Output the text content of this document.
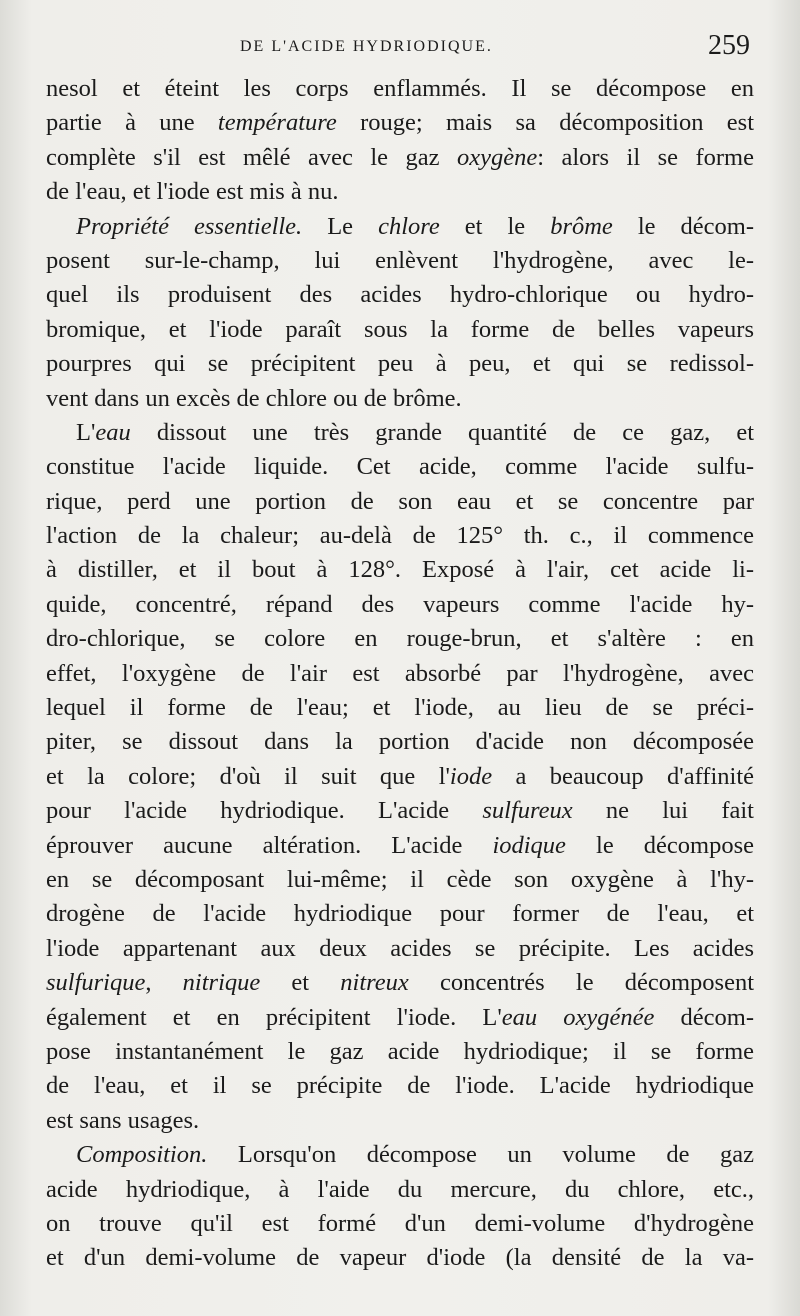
DE L'ACIDE HYDRIODIQUE.	259
nesol et éteint les corps enflammés. Il se décompose en
partie à une température rouge; mais sa décomposition est
complète s'il est mêlé avec le gaz oxygène: alors il se forme
de l'eau, et l'iode est mis à nu.
Propriété essentielle. Le chlore et le brôme le décom-
posent sur-le-champ, lui enlèvent l'hydrogène, avec le-
quel ils produisent des acides hydro-chlorique ou hydro-
bromique, et l'iode paraît sous la forme de belles vapeurs
pourpres qui se précipitent peu à peu, et qui se redissol-
vent dans un excès de chlore ou de brôme.
L'eau dissout une très grande quantité de ce gaz, et
constitue l'acide liquide. Cet acide, comme l'acide sulfu-
rique, perd une portion de son eau et se concentre par
l'action de la chaleur; au-delà de 125° th. c., il commence
à distiller, et il bout à 128°. Exposé à l'air, cet acide li-
quide, concentré, répand des vapeurs comme l'acide hy-
dro-chlorique, se colore en rouge-brun, et s'altère : en
effet, l'oxygène de l'air est absorbé par l'hydrogène, avec
lequel il forme de l'eau; et l'iode, au lieu de se préci-
piter, se dissout dans la portion d'acide non décomposée
et la colore; d'où il suit que l'iode a beaucoup d'affinité
pour l'acide hydriodique. L'acide sulfureux ne lui fait
éprouver aucune altération. L'acide iodique le décompose
en se décomposant lui-même; il cède son oxygène à l'hy-
drogène de l'acide hydriodique pour former de l'eau, et
l'iode appartenant aux deux acides se précipite. Les acides
sulfurique, nitrique et nitreux concentrés le décomposent
également et en précipitent l'iode. L'eau oxygénée décom-
pose instantanément le gaz acide hydriodique; il se forme
de l'eau, et il se précipite de l'iode. L'acide hydriodique
est sans usages.
Composition. Lorsqu'on décompose un volume de gaz
acide hydriodique, à l'aide du mercure, du chlore, etc.,
on trouve qu'il est formé d'un demi-volume d'hydrogène
et d'un demi-volume de vapeur d'iode (la densité de la va-
